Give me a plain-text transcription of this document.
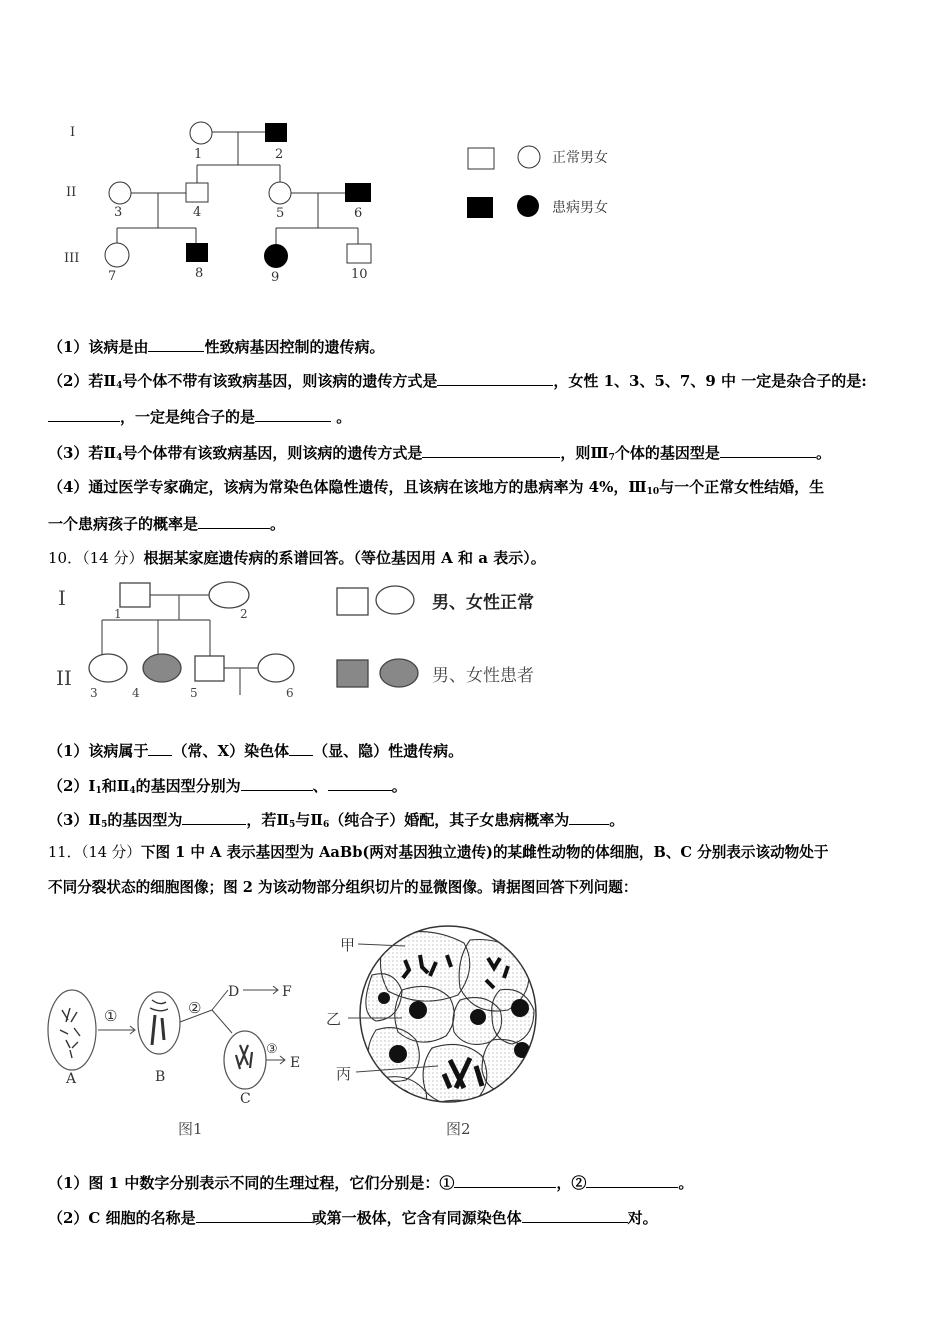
I
II
III
1	2
3	4	5	6
7	8	9	10
正常男女
患病男女
（1）该病是由	性致病基因控制的遗传病。
（2）若$Ⅱ_4$号个体不带有该致病基因，则该病的遗传方式是	，女性 1、3、5、7、9 中 一定是杂合子的是:
，一定是纯合子的是	。
（3）若$Ⅱ_4$号个体带有该致病基因，则该病的遗传方式是	，则$Ⅲ_7$个体的基因型是	。
（4）通过医学专家确定，该病为常染色体隐性遗传，且该病在该地方的患病率为 4%，$Ⅲ_{10}$与一个正常女性结婚，生
一个患病孩子的概率是	。
10．（14 分）根据某家庭遗传病的系谱回答。（等位基因用 A 和 a 表示）。
I
II
1	2
3	4	5	6
男、女性正常
男、女性患者
（1）该病属于 （常、X）染色体 （显、隐）性遗传病。
$(2)Ⅰ_1$和$Ⅱ_4$的基因型分别为	、	。
$(3)Ⅱ_5$的基因型为	，若$Ⅱ_5$与$Ⅱ_6$（纯合子）婚配，其子女患病概率为	。
11．（14 分）下图 1 中 A 表示基因型为 AaBb(两对基因独立遗传)的某雌性动物的体细胞，B、C 分别表示该动物处于
不同分裂状态的细胞图像；图 2 为该动物部分组织切片的显微图像。请据图回答下列问题：
①	②
③
A	B
C
D
E
F
图1
甲
乙
丙
图2
（1）图 1 中数字分别表示不同的生理过程，它们分别是：①	，②	。
（2）C 细胞的名称是	或第一极体，它含有同源染色体	对。
